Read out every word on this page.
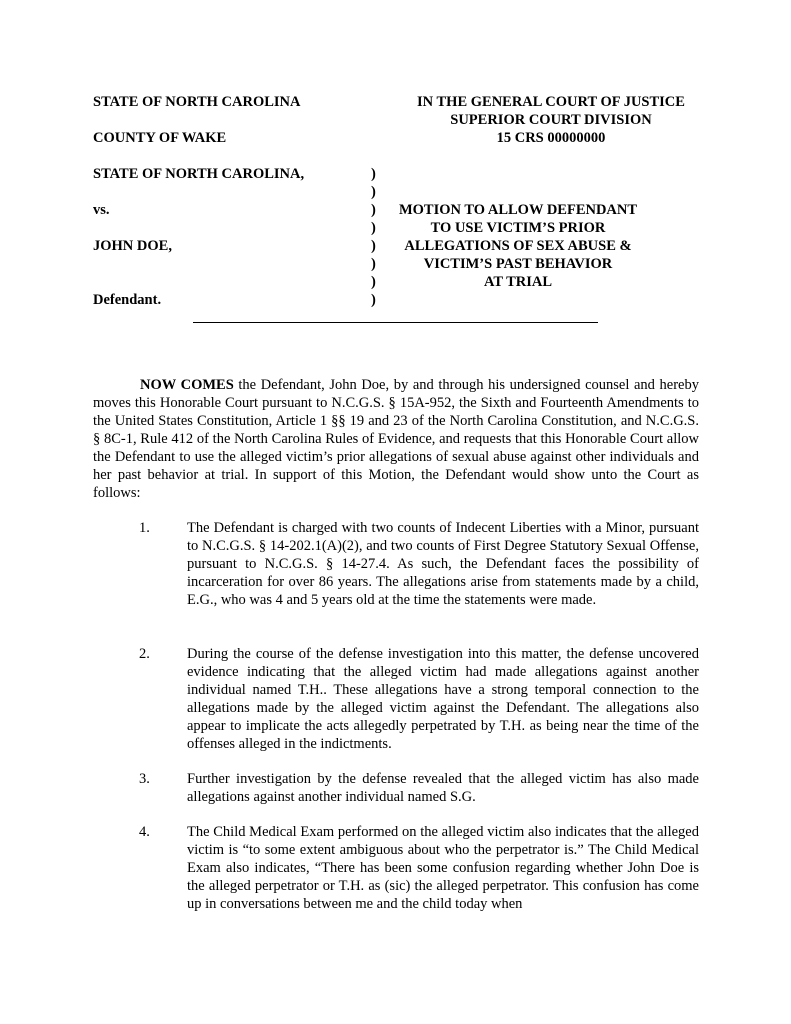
STATE OF NORTH CAROLINA
COUNTY OF WAKE
IN THE GENERAL COURT OF JUSTICE
SUPERIOR COURT DIVISION
15 CRS 00000000
STATE OF NORTH CAROLINA,
vs.
JOHN DOE,
Defendant.
)
)
)
)
)
)
)
)
MOTION TO ALLOW DEFENDANT
TO USE VICTIM’S PRIOR
ALLEGATIONS OF SEX ABUSE &
VICTIM’S PAST BEHAVIOR
AT TRIAL
NOW COMES the Defendant, John Doe, by and through his undersigned counsel and hereby moves this Honorable Court pursuant to N.C.G.S. § 15A-952, the Sixth and Fourteenth Amendments to the United States Constitution, Article 1 §§ 19 and 23 of the North Carolina Constitution, and N.C.G.S. § 8C-1, Rule 412 of the North Carolina Rules of Evidence, and requests that this Honorable Court allow the Defendant to use the alleged victim’s prior allegations of sexual abuse against other individuals and her past behavior at trial. In support of this Motion, the Defendant would show unto the Court as follows:
1.	The Defendant is charged with two counts of Indecent Liberties with a Minor, pursuant to N.C.G.S. § 14-202.1(A)(2), and two counts of First Degree Statutory Sexual Offense, pursuant to N.C.G.S. § 14-27.4. As such, the Defendant faces the possibility of incarceration for over 86 years. The allegations arise from statements made by a child, E.G., who was 4 and 5 years old at the time the statements were made.
2.	During the course of the defense investigation into this matter, the defense uncovered evidence indicating that the alleged victim had made allegations against another individual named T.H.. These allegations have a strong temporal connection to the allegations made by the alleged victim against the Defendant. The allegations also appear to implicate the acts allegedly perpetrated by T.H. as being near the time of the offenses alleged in the indictments.
3.	Further investigation by the defense revealed that the alleged victim has also made allegations against another individual named S.G.
4.	The Child Medical Exam performed on the alleged victim also indicates that the alleged victim is “to some extent ambiguous about who the perpetrator is.” The Child Medical Exam also indicates, “There has been some confusion regarding whether John Doe is the alleged perpetrator or T.H. as (sic) the alleged perpetrator. This confusion has come up in conversations between me and the child today when
